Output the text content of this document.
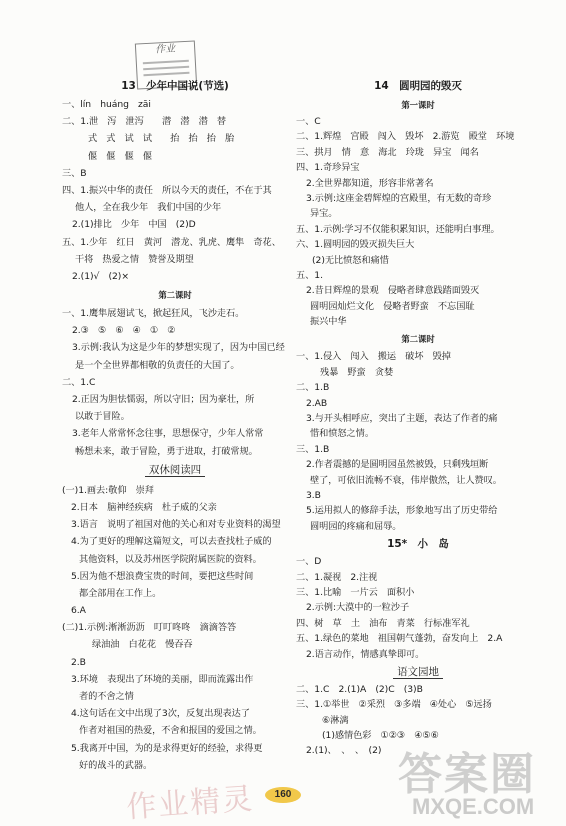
作业
13　少年中国说(节选)
一、lín　huáng　zāi
二、1.泄　泻　泄泻　　潜　潜　潜　替
式　式　试　试　　抬　抬　抬　胎
偃　偃　偃　偃
三、B
四、1.振兴中华的责任　所以今天的责任，不在于其
他人，全在我少年　我们中国的少年
2.(1)排比　少年　中国　(2)D
五、1.少年　红日　黄河　潜龙、乳虎、鹰隼　奇花、
干将　热爱之情　赞誉及期望
2.(1)√　(2)×
第二课时
一、1.鹰隼展翅试飞，掀起狂风，飞沙走石。
2.③　⑤　⑥　④　①　②
3.示例:我认为这是少年的梦想实现了，因为中国已经
是一个全世界都相敬的负责任的大国了。
二、1.C
2.正因为胆怯懦弱，所以守旧；因为豪壮，所
以敢于冒险。
3.老年人常常怀念往事，思想保守，少年人常常
畅想未来，敢于冒险，勇于进取，打破常规。
双休阅读四
(一)1.画去:敬仰　崇拜
2.日本　脑神经疾病　杜子威的父亲
3.语言　说明了祖国对他的关心和对专业资料的渴望
4.为了更好的理解这篇短文，可以去查找杜子威的
其他资料，以及苏州医学院附属医院的资料。
5.因为他不想浪费宝贵的时间，要把这些时间
都全部用在工作上。
6.A
(二)1.示例:淅淅沥沥　叮叮咚咚　滴滴答答
绿油油　白花花　慢吞吞
2.B
3.环境　表现出了环境的美丽，即而流露出作
者的不舍之情
4.这句话在文中出现了3次，反复出现表达了
作者对祖国的热爱，不舍和报国的爱国之情。
5.我离开中国，为的是求得更好的经验，求得更
好的战斗的武器。
14　圆明园的毁灭
第一课时
一、C
二、1.辉煌　宫殿　闯入　毁坏　2.游览　殿堂　环境
三、拱月　情　意　海北　玲珑　异宝　闻名
四、1.奇珍异宝
2.全世界都知道，形容非常著名
3.示例:这座金碧辉煌的宫殿里，有无数的奇珍
异宝。
五、1.示例:学习不仅能积累知识，还能明白事理。
六、1.圆明园的毁灭损失巨大
(2)无比愤怒和痛惜
五、1.
2.昔日辉煌的景观　侵略者肆意践踏面毁灭
圆明园灿烂文化　侵略者野蛮　不忘国耻
振兴中华
第二课时
一、1.侵入　闯入　搬运　破坏　毁掉
残暴　野蛮　贪婪
二、1.B
2.AB
3.与开头相呼应，突出了主题，表达了作者的痛
惜和愤怒之情。
三、1.B
2.作者震撼的是圆明园虽然被毁，只剩残垣断
壁了，可依旧流畅不衰，伟岸傲然，让人赞叹。
3.B
5.运用拟人的修辞手法，形象地写出了历史带给
圆明园的疼痛和屈辱。
15*　小　岛
一、D
二、1.凝视　2.注视
三、1.比喻　一片云　面积小
2.示例:大漠中的一粒沙子
四、树　草　土　油布　青菜　行标准军礼
五、1.绿色的菜地　祖国朝气蓬勃，奋发向上　2.A
2.语言动作，情感真挚即可。
语文园地
二、1.C　2.(1)A　(2)C　(3)B
三、1.①举世　②采烈　③多端　④处心　⑤远扬
⑥淋漓
(1)感情色彩　①②③　④⑤⑥
2.(1)、　、　、　(2)
160
作业精灵
答案圈
MXQE.COM
